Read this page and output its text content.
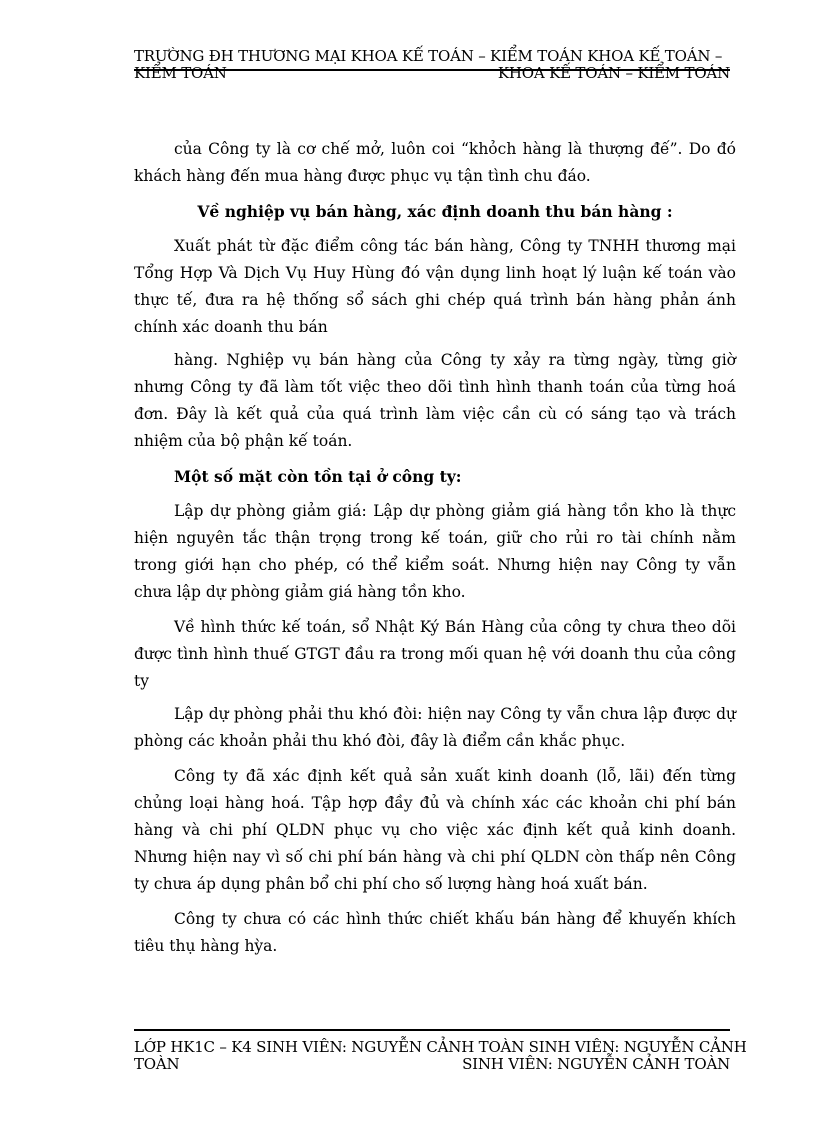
TRƯỜNG ĐH THƯƠNG MẠI KHOA KẾ TOÁN – KIỂM TOÁN KHOA KẾ TOÁN –
KIỂM TOÁN	KHOA KẾ TOÁN – KIỂM TOÁN

của Công ty là cơ chế mở, luôn coi “khỏch hàng là thượng đế”. Do đó khách hàng đến mua hàng được phục vụ tận tình chu đáo.

Về nghiệp vụ bán hàng, xác định doanh thu bán hàng :

Xuất phát từ đặc điểm công tác bán hàng, Công ty TNHH thương mại Tổng Hợp Và Dịch Vụ Huy Hùng đó vận dụng linh hoạt lý luận kế toán vào thực tế, đưa ra hệ thống sổ sách ghi chép quá trình bán hàng phản ánh chính xác doanh thu bán

hàng. Nghiệp vụ bán hàng của Công ty xảy ra từng ngày, từng giờ nhưng Công ty đã làm tốt việc theo dõi tình hình thanh toán của từng hoá đơn. Đây là kết quả của quá trình làm việc cần cù có sáng tạo và trách nhiệm của bộ phận kế toán.

Một số mặt còn tồn tại ở công ty:

Lập dự phòng giảm giá: Lập dự phòng giảm giá hàng tồn kho là thực hiện nguyên tắc thận trọng trong kế toán, giữ cho rủi ro tài chính nằm trong giới hạn cho phép, có thể kiểm soát. Nhưng hiện nay Công ty vẫn chưa lập dự phòng giảm giá hàng tồn kho.

Về hình thức kế toán, sổ Nhật Ký Bán Hàng của công ty chưa theo dõi được tình hình thuế GTGT đầu ra trong mối quan hệ với doanh thu của công ty

Lập dự phòng phải thu khó đòi: hiện nay Công ty vẫn chưa lập được dự phòng các khoản phải thu khó đòi, đây là điểm cần khắc phục.

Công ty đã xác định kết quả sản xuất kinh doanh (lỗ, lãi) đến từng chủng loại hàng hoá. Tập hợp đầy đủ và chính xác các khoản chi phí bán hàng và chi phí QLDN phục vụ cho việc xác định kết quả kinh doanh. Nhưng hiện nay vì số chi phí bán hàng và chi phí QLDN còn thấp nên Công ty chưa áp dụng phân bổ chi phí cho số lượng hàng hoá xuất bán.

Công ty chưa có các hình thức chiết khấu bán hàng để khuyến khích tiêu thụ hàng hỳa.

LỚP HK1C – K4 SINH VIÊN: NGUYỄN CẢNH TOÀN SINH VIÊN: NGUYỄN CẢNH
TOÀN	SINH VIÊN: NGUYỄN CẢNH TOÀN
